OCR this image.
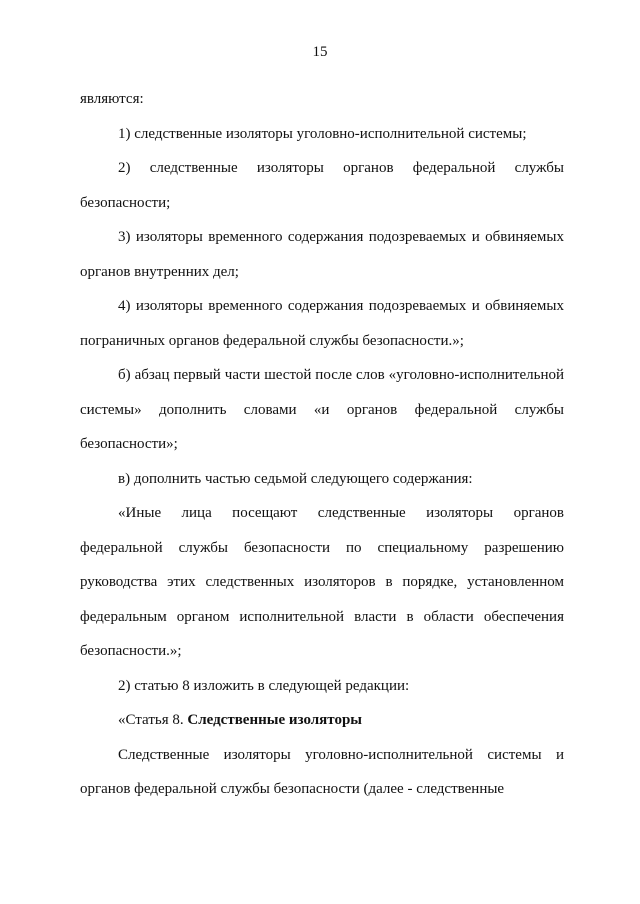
15

являются:

1) следственные изоляторы уголовно-исполнительной системы;

2) следственные изоляторы органов федеральной службы безопасности;

3) изоляторы временного содержания подозреваемых и обвиняемых органов внутренних дел;

4) изоляторы временного содержания подозреваемых и обвиняемых пограничных органов федеральной службы безопасности.»;

б) абзац первый части шестой после слов «уголовно-исполнительной системы» дополнить словами «и органов федеральной службы безопасности»;

в) дополнить частью седьмой следующего содержания:

«Иные лица посещают следственные изоляторы органов федеральной службы безопасности по специальному разрешению руководства этих следственных изоляторов в порядке, установленном федеральным органом исполнительной власти в области обеспечения безопасности.»;

2) статью 8 изложить в следующей редакции:

«Статья 8. Следственные изоляторы

Следственные изоляторы уголовно-исполнительной системы и органов федеральной службы безопасности (далее - следственные
